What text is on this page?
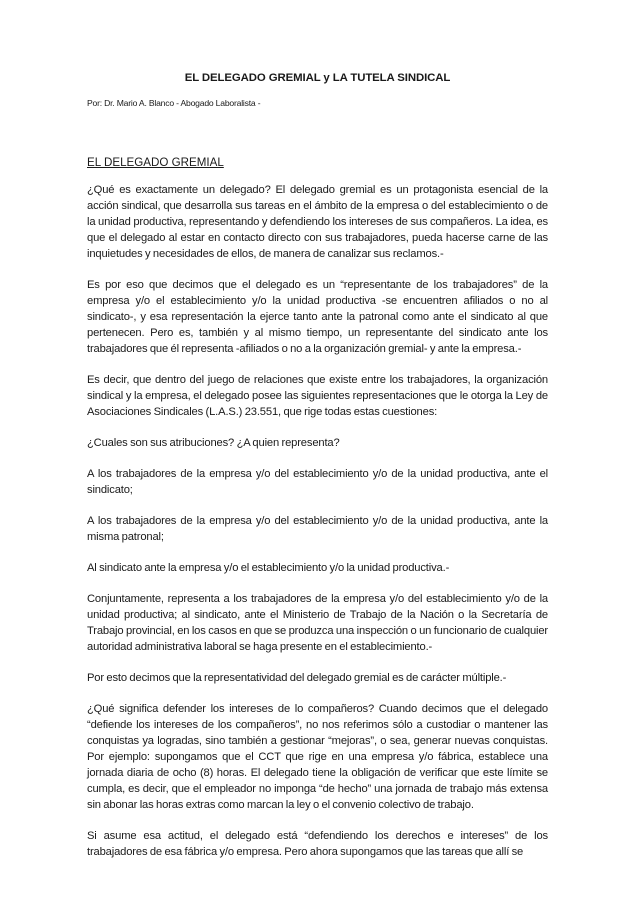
EL DELEGADO GREMIAL y LA TUTELA SINDICAL
Por: Dr. Mario A. Blanco - Abogado Laboralista -
EL DELEGADO GREMIAL

¿Qué es exactamente un delegado? El delegado gremial es un protagonista esencial de la acción sindical, que desarrolla sus tareas en el ámbito de la empresa o del establecimiento o de la unidad productiva, representando y defendiendo los intereses de sus compañeros. La idea, es que el delegado al estar en contacto directo con sus trabajadores, pueda hacerse carne de las inquietudes y necesidades de ellos, de manera de canalizar sus reclamos.-

Es por eso que decimos que el delegado es un “representante de los trabajadores” de la empresa y/o el establecimiento y/o la unidad productiva -se encuentren afiliados o no al sindicato-, y esa representación la ejerce tanto ante la patronal como ante el sindicato al que pertenecen. Pero es, también y al mismo tiempo, un representante del sindicato ante los trabajadores que él representa -afiliados o no a la organización gremial- y ante la empresa.-

Es decir, que dentro del juego de relaciones que existe entre los trabajadores, la organización sindical y la empresa, el delegado posee las siguientes representaciones que le otorga la Ley de Asociaciones Sindicales (L.A.S.) 23.551, que rige todas estas cuestiones:

¿Cuales son sus atribuciones? ¿A quien representa?

A los trabajadores de la empresa y/o del establecimiento y/o de la unidad productiva, ante el sindicato;

A los trabajadores de la empresa y/o del establecimiento y/o de la unidad productiva, ante la misma patronal;

Al sindicato ante la empresa y/o el establecimiento y/o la unidad productiva.-

Conjuntamente, representa a los trabajadores de la empresa y/o del establecimiento y/o de la unidad productiva; al sindicato, ante el Ministerio de Trabajo de la Nación o la Secretaría de Trabajo provincial, en los casos en que se produzca una inspección o un funcionario de cualquier autoridad administrativa laboral se haga presente en el establecimiento.-

Por esto decimos que la representatividad del delegado gremial es de carácter múltiple.-

¿Qué significa defender los intereses de lo compañeros? Cuando decimos que el delegado “defiende los intereses de los compañeros”, no nos referimos sólo a custodiar o mantener las conquistas ya logradas, sino también a gestionar “mejoras”, o sea, generar nuevas conquistas. Por ejemplo: supongamos que el CCT que rige en una empresa y/o fábrica, establece una jornada diaria de ocho (8) horas. El delegado tiene la obligación de verificar que este límite se cumpla, es decir, que el empleador no imponga “de hecho” una jornada de trabajo más extensa sin abonar las horas extras como marcan la ley o el convenio colectivo de trabajo.

Si asume esa actitud, el delegado está “defendiendo los derechos e intereses” de los trabajadores de esa fábrica y/o empresa. Pero ahora supongamos que las tareas que allí se
